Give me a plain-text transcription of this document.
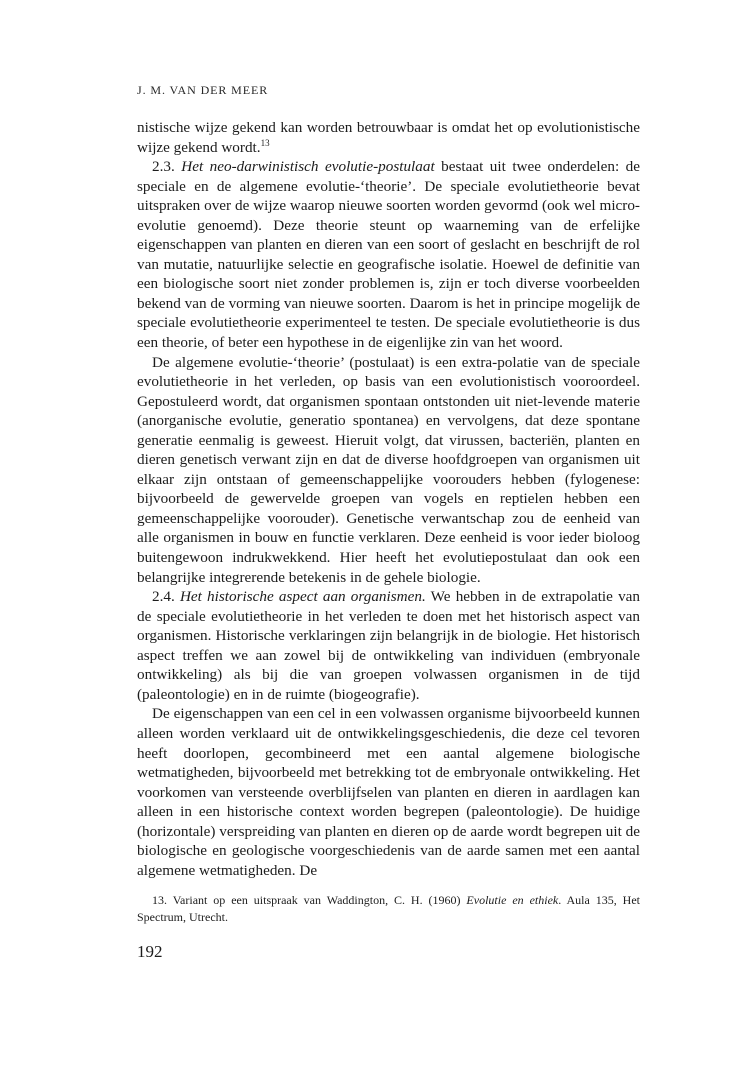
J. M. VAN DER MEER

nistische wijze gekend kan worden betrouwbaar is omdat het op evolutionistische wijze gekend wordt.$^{13}$

2.3. Het neo-darwinistisch evolutie-postulaat bestaat uit twee onderdelen: de speciale en de algemene evolutie-‘theorie’. De speciale evolutietheorie bevat uitspraken over de wijze waarop nieuwe soorten worden gevormd (ook wel micro-evolutie genoemd). Deze theorie steunt op waarneming van de erfelijke eigenschappen van planten en dieren van een soort of geslacht en beschrijft de rol van mutatie, natuurlijke selectie en geografische isolatie. Hoewel de definitie van een biologische soort niet zonder problemen is, zijn er toch diverse voorbeelden bekend van de vorming van nieuwe soorten. Daarom is het in principe mogelijk de speciale evolutietheorie experimenteel te testen. De speciale evolutietheorie is dus een theorie, of beter een hypothese in de eigenlijke zin van het woord.

De algemene evolutie-‘theorie’ (postulaat) is een extra-polatie van de speciale evolutietheorie in het verleden, op basis van een evolutionistisch vooroordeel. Gepostuleerd wordt, dat organismen spontaan ontstonden uit niet-levende materie (anorganische evolutie, generatio spontanea) en vervolgens, dat deze spontane generatie eenmalig is geweest. Hieruit volgt, dat virussen, bacteriën, planten en dieren genetisch verwant zijn en dat de diverse hoofdgroepen van organismen uit elkaar zijn ontstaan of gemeenschappelijke voorouders hebben (fylogenese: bijvoorbeeld de gewervelde groepen van vogels en reptielen hebben een gemeenschappelijke voorouder). Genetische verwantschap zou de eenheid van alle organismen in bouw en functie verklaren. Deze eenheid is voor ieder bioloog buitengewoon indrukwekkend. Hier heeft het evolutiepostulaat dan ook een belangrijke integrerende betekenis in de gehele biologie.

2.4. Het historische aspect aan organismen. We hebben in de extrapolatie van de speciale evolutietheorie in het verleden te doen met het historisch aspect van organismen. Historische verklaringen zijn belangrijk in de biologie. Het historisch aspect treffen we aan zowel bij de ontwikkeling van individuen (embryonale ontwikkeling) als bij die van groepen volwassen organismen in de tijd (paleontologie) en in de ruimte (biogeografie).

De eigenschappen van een cel in een volwassen organisme bijvoorbeeld kunnen alleen worden verklaard uit de ontwikkelingsgeschiedenis, die deze cel tevoren heeft doorlopen, gecombineerd met een aantal algemene biologische wetmatigheden, bijvoorbeeld met betrekking tot de embryonale ontwikkeling. Het voorkomen van versteende overblijfselen van planten en dieren in aardlagen kan alleen in een historische context worden begrepen (paleontologie). De huidige (horizontale) verspreiding van planten en dieren op de aarde wordt begrepen uit de biologische en geologische voorgeschiedenis van de aarde samen met een aantal algemene wetmatigheden. De

13. Variant op een uitspraak van Waddington, C. H. (1960) Evolutie en ethiek. Aula 135, Het Spectrum, Utrecht.
192
